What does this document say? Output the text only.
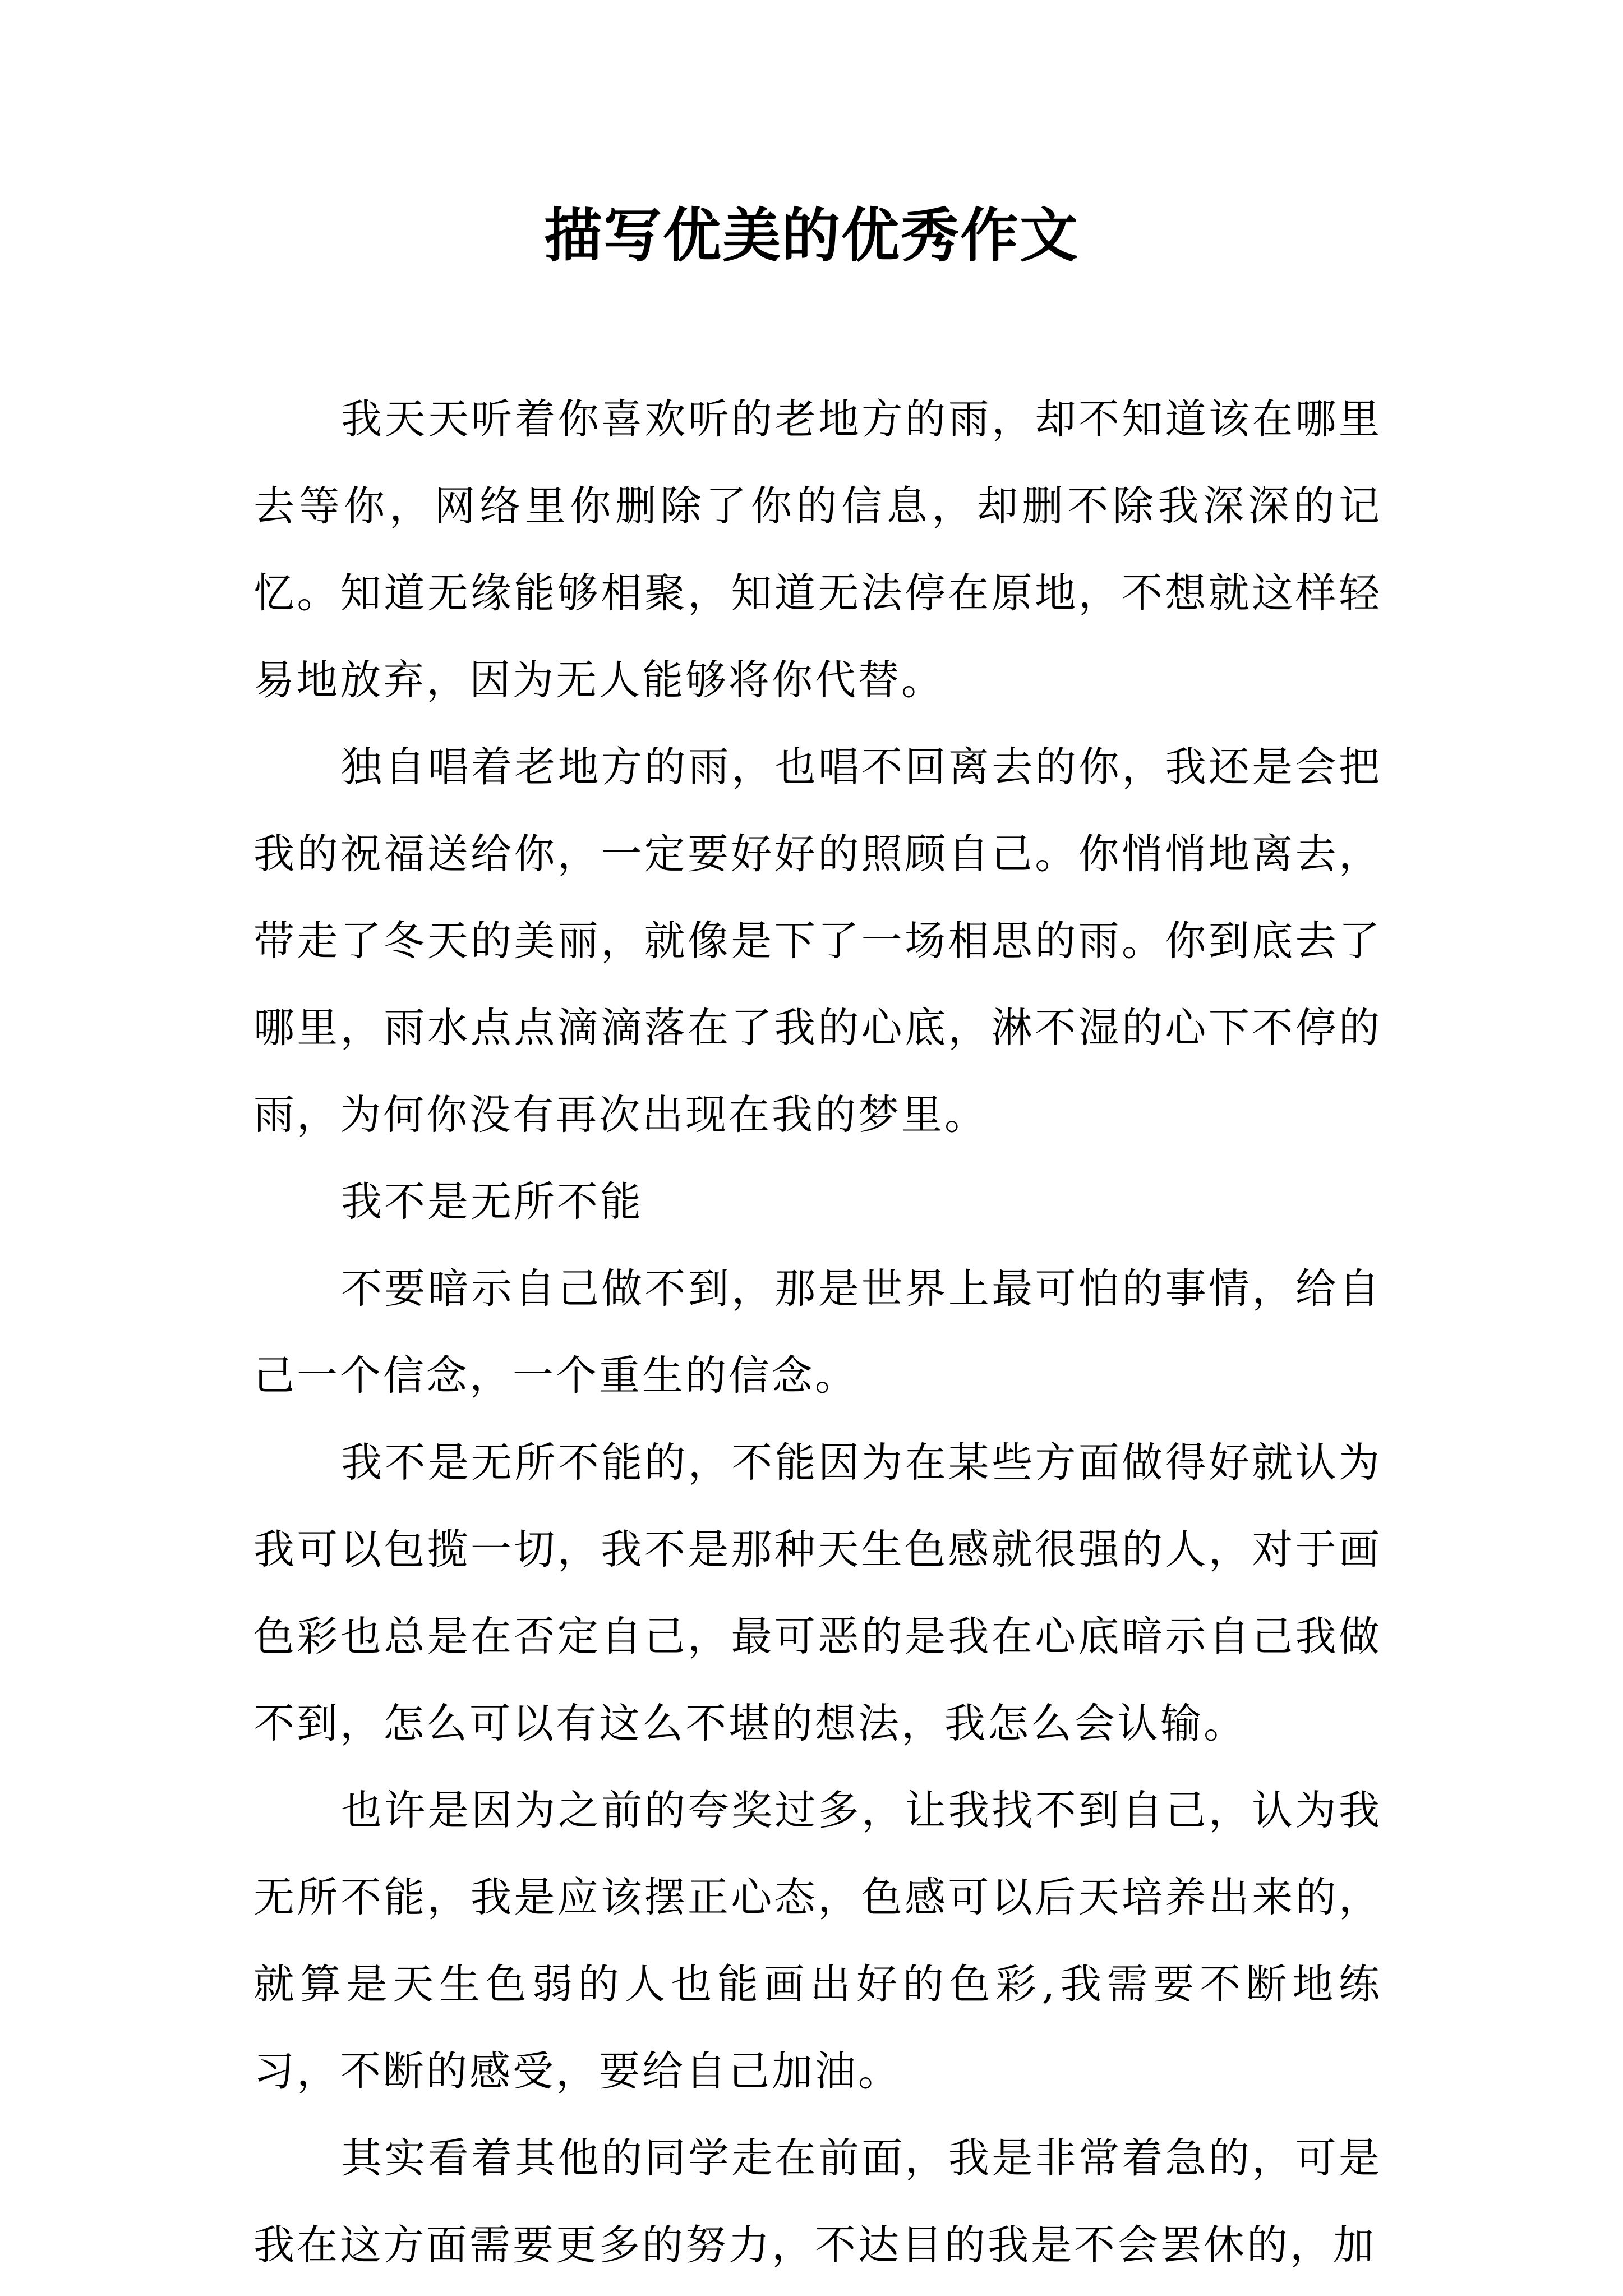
描写优美的优秀作文

我天天听着你喜欢听的老地方的雨，却不知道该在哪里去等你，网络里你删除了你的信息，却删不除我深深的记忆。知道无缘能够相聚，知道无法停在原地，不想就这样轻易地放弃，因为无人能够将你代替。

独自唱着老地方的雨，也唱不回离去的你，我还是会把我的祝福送给你，一定要好好的照顾自己。你悄悄地离去，带走了冬天的美丽，就像是下了一场相思的雨。你到底去了哪里，雨水点点滴滴落在了我的心底，淋不湿的心下不停的雨，为何你没有再次出现在我的梦里。

我不是无所不能

不要暗示自己做不到，那是世界上最可怕的事情，给自己一个信念，一个重生的信念。

我不是无所不能的，不能因为在某些方面做得好就认为我可以包揽一切，我不是那种天生色感就很强的人，对于画色彩也总是在否定自己，最可恶的是我在心底暗示自己我做不到，怎么可以有这么不堪的想法，我怎么会认输。

也许是因为之前的夸奖过多，让我找不到自己，认为我无所不能，我是应该摆正心态，色感可以后天培养出来的，就算是天生色弱的人也能画出好的色彩,我需要不断地练习，不断的感受，要给自己加油。

其实看着其他的同学走在前面，我是非常着急的，可是我在这方面需要更多的努力，不达目的我是不会罢休的，加
